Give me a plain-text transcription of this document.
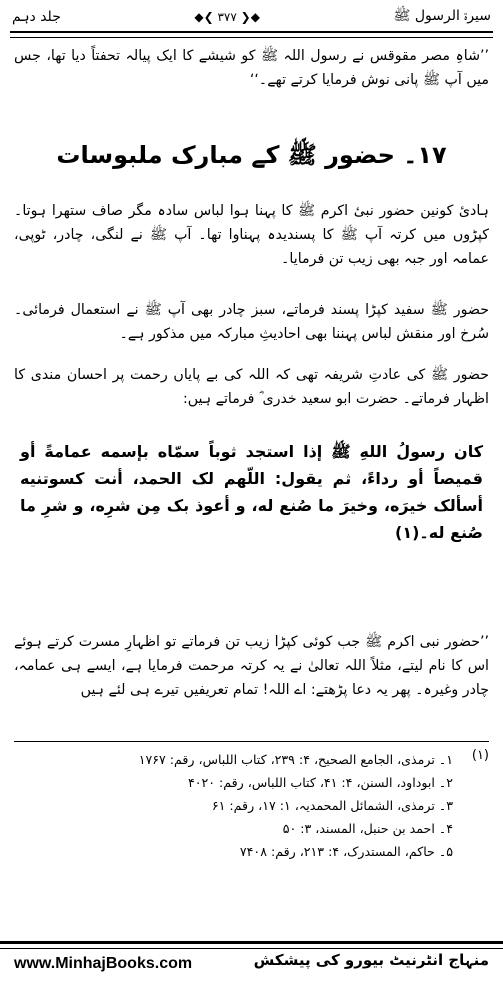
سیرۃ الرسول ﷺ
◆❮ ۳۷۷ ❯◆
جلد دہم
’’شاہِ مصر مقوقس نے رسول اللہ ﷺ کو شیشے کا ایک پیالہ تحفتاً دیا تھا، جس میں آپ ﷺ پانی نوش فرمایا کرتے تھے۔‘‘
۱۷۔ حضور ﷺ کے مبارک ملبوسات
ہادیٔ کونین حضور نبیٔ اکرم ﷺ کا پہنا ہوا لباس سادہ مگر صاف ستھرا ہوتا۔ کپڑوں میں کرتہ آپ ﷺ کا پسندیدہ پہناوا تھا۔ آپ ﷺ نے لنگی، چادر، ٹوپی، عمامہ اور جبہ بھی زیب تن فرمایا۔
حضور ﷺ سفید کپڑا پسند فرماتے، سبز چادر بھی آپ ﷺ نے استعمال فرمائی۔ سُرخ اور منقش لباس پہننا بھی احادیثِ مبارکہ میں مذکور ہے۔
حضور ﷺ کی عادتِ شریفہ تھی کہ اللہ کی بے پایاں رحمت پر احسان مندی کا اظہار فرماتے۔ حضرت ابو سعید خدری ؓ فرماتے ہیں:
كان رسولُ اللهِ ﷺ إذا استجد ثوباً سمّاه بإسمه عمامةً أو قميصاً أو رداءً، ثم يقول: اللّهم لک الحمد، أنت كسوتنيه أسألک خيرَه، وخيرَ ما صُنع له، و أعوذ بک مِن شرِه، و شرِ ما صُنع له۔(۱)
’’حضور نبی اکرم ﷺ جب کوئی کپڑا زیب تن فرماتے تو اظہارِ مسرت کرتے ہوئے اس کا نام لیتے، مثلاً اللہ تعالیٰ نے یہ کرتہ مرحمت فرمایا ہے، ایسے ہی عمامہ، چادر وغیرہ۔ پھر یہ دعا پڑھتے: اے اللہ! تمام تعریفیں تیرے ہی لئے ہیں
(۱)
۱۔ ترمذی، الجامع الصحیح، ۴: ۲۳۹، کتاب اللباس، رقم: ۱۷۶۷
۲۔ ابوداود، السنن، ۴: ۴۱، کتاب اللباس، رقم: ۴۰۲۰
۳۔ ترمذی، الشمائل المحمدیہ، ۱: ۱۷، رقم: ۶۱
۴۔ احمد بن حنبل، المسند، ۳: ۵۰
۵۔ حاکم، المستدرک، ۴: ۲۱۳، رقم: ۷۴۰۸
www.MinhajBooks.com	منہاج انٹرنیٹ بیورو کی پیشکش
